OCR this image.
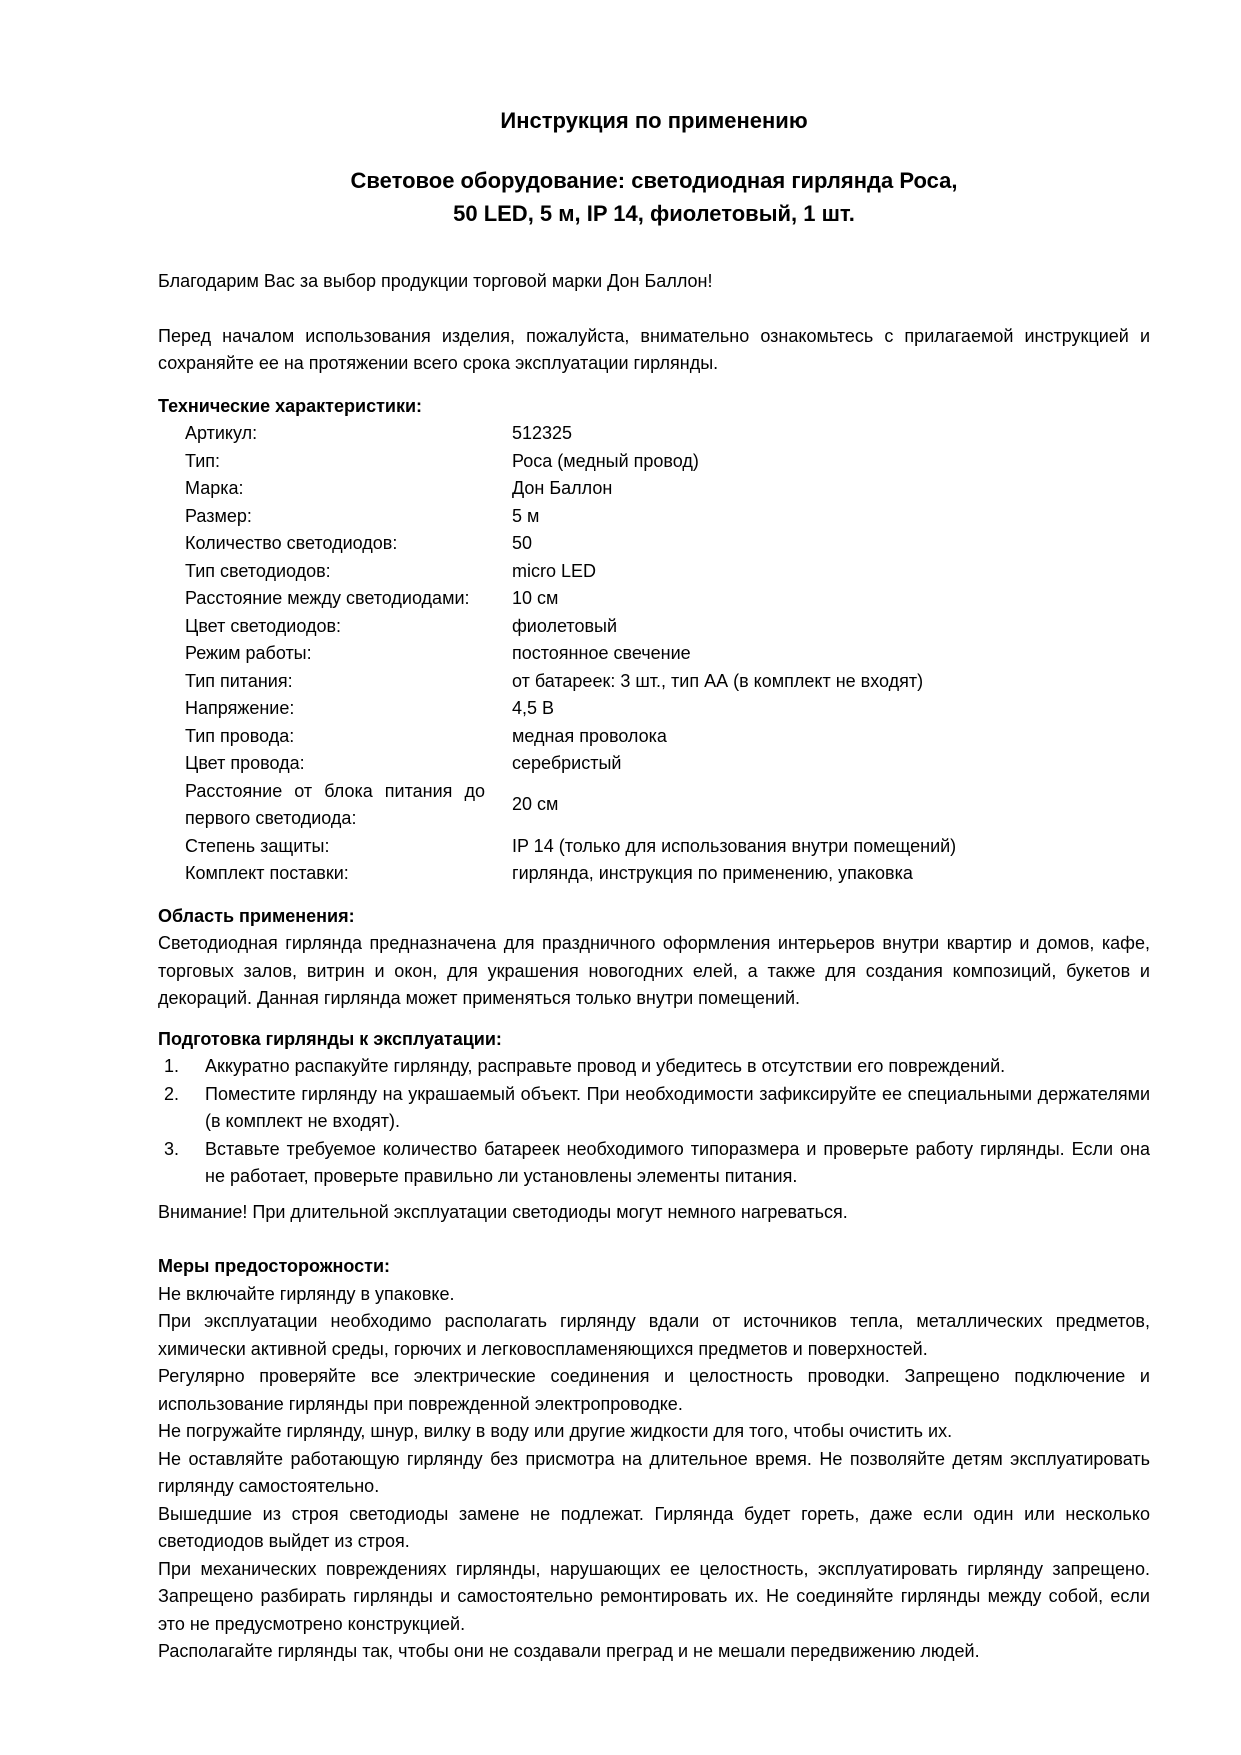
Инструкция по применению

Световое оборудование: светодиодная гирлянда Роса,
50 LED, 5 м, IP 14, фиолетовый, 1 шт.

Благодарим Вас за выбор продукции торговой марки Дон Баллон!

Перед началом использования изделия, пожалуйста, внимательно ознакомьтесь с прилагаемой инструкцией и сохраняйте ее на протяжении всего срока эксплуатации гирлянды.

Технические характеристики:

Артикул:	512325
Тип:	Роса (медный провод)
Марка:	Дон Баллон
Размер:	5 м
Количество светодиодов:	50
Тип светодиодов:	micro LED
Расстояние между светодиодами:	10 см
Цвет светодиодов:	фиолетовый
Режим работы:	постоянное свечение
Тип питания:	от батареек: 3 шт., тип АА (в комплект не входят)
Напряжение:	4,5 В
Тип провода:	медная проволока
Цвет провода:	серебристый
Расстояние от блока питания до первого светодиода:	20 см
Степень защиты:	IP 14 (только для использования внутри помещений)
Комплект поставки:	гирлянда, инструкция по применению, упаковка

Область применения:

Светодиодная гирлянда предназначена для праздничного оформления интерьеров внутри квартир и домов, кафе, торговых залов, витрин и окон, для украшения новогодних елей, а также для создания композиций, букетов и декораций. Данная гирлянда может применяться только внутри помещений.

Подготовка гирлянды к эксплуатации:

1. Аккуратно распакуйте гирлянду, расправьте провод и убедитесь в отсутствии его повреждений.
2. Поместите гирлянду на украшаемый объект. При необходимости зафиксируйте ее специальными держателями (в комплект не входят).
3. Вставьте требуемое количество батареек необходимого типоразмера и проверьте работу гирлянды. Если она не работает, проверьте правильно ли установлены элементы питания.

Внимание! При длительной эксплуатации светодиоды могут немного нагреваться.

Меры предосторожности:

Не включайте гирлянду в упаковке.

При эксплуатации необходимо располагать гирлянду вдали от источников тепла, металлических предметов, химически активной среды, горючих и легковоспламеняющихся предметов и поверхностей.

Регулярно проверяйте все электрические соединения и целостность проводки. Запрещено подключение и использование гирлянды при поврежденной электропроводке.

Не погружайте гирлянду, шнур, вилку в воду или другие жидкости для того, чтобы очистить их.

Не оставляйте работающую гирлянду без присмотра на длительное время. Не позволяйте детям эксплуатировать гирлянду самостоятельно.

Вышедшие из строя светодиоды замене не подлежат. Гирлянда будет гореть, даже если один или несколько светодиодов выйдет из строя.

При механических повреждениях гирлянды, нарушающих ее целостность, эксплуатировать гирлянду запрещено. Запрещено разбирать гирлянды и самостоятельно ремонтировать их. Не соединяйте гирлянды между собой, если это не предусмотрено конструкцией.

Располагайте гирлянды так, чтобы они не создавали преград и не мешали передвижению людей.
